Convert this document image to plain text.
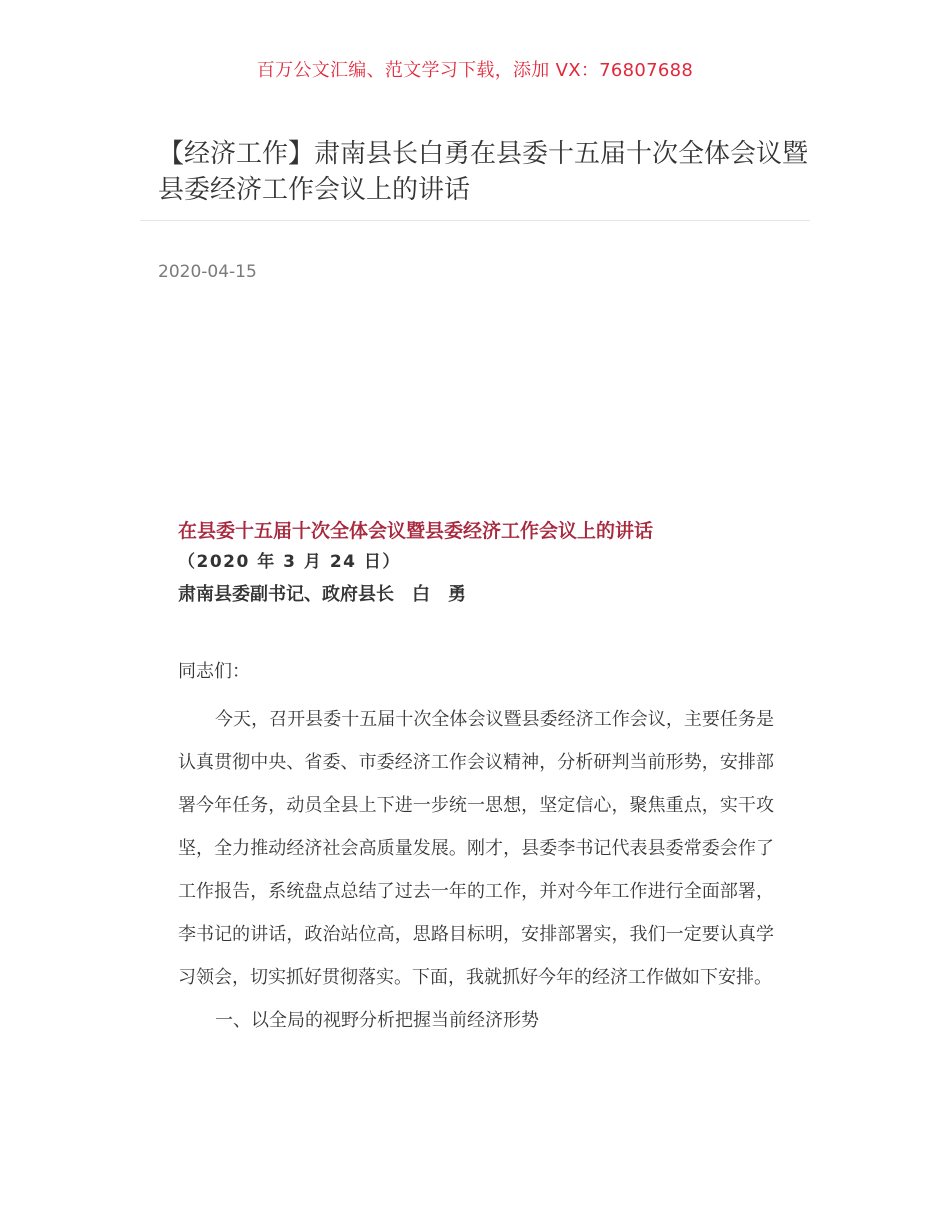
百万公文汇编、范文学习下载，添加 VX：76807688
【经济工作】肃南县长白勇在县委十五届十次全体会议暨县委经济工作会议上的讲话
2020-04-15

在县委十五届十次全体会议暨县委经济工作会议上的讲话

（2020 年 3 月 24 日）
肃南县委副书记、政府县长　白　勇

同志们：

今天，召开县委十五届十次全体会议暨县委经济工作会议，主要任务是认真贯彻中央、省委、市委经济工作会议精神，分析研判当前形势，安排部署今年任务，动员全县上下进一步统一思想，坚定信心，聚焦重点，实干攻坚，全力推动经济社会高质量发展。刚才，县委李书记代表县委常委会作了工作报告，系统盘点总结了过去一年的工作，并对今年工作进行全面部署，李书记的讲话，政治站位高，思路目标明，安排部署实，我们一定要认真学习领会，切实抓好贯彻落实。下面，我就抓好今年的经济工作做如下安排。

一、以全局的视野分析把握当前经济形势
